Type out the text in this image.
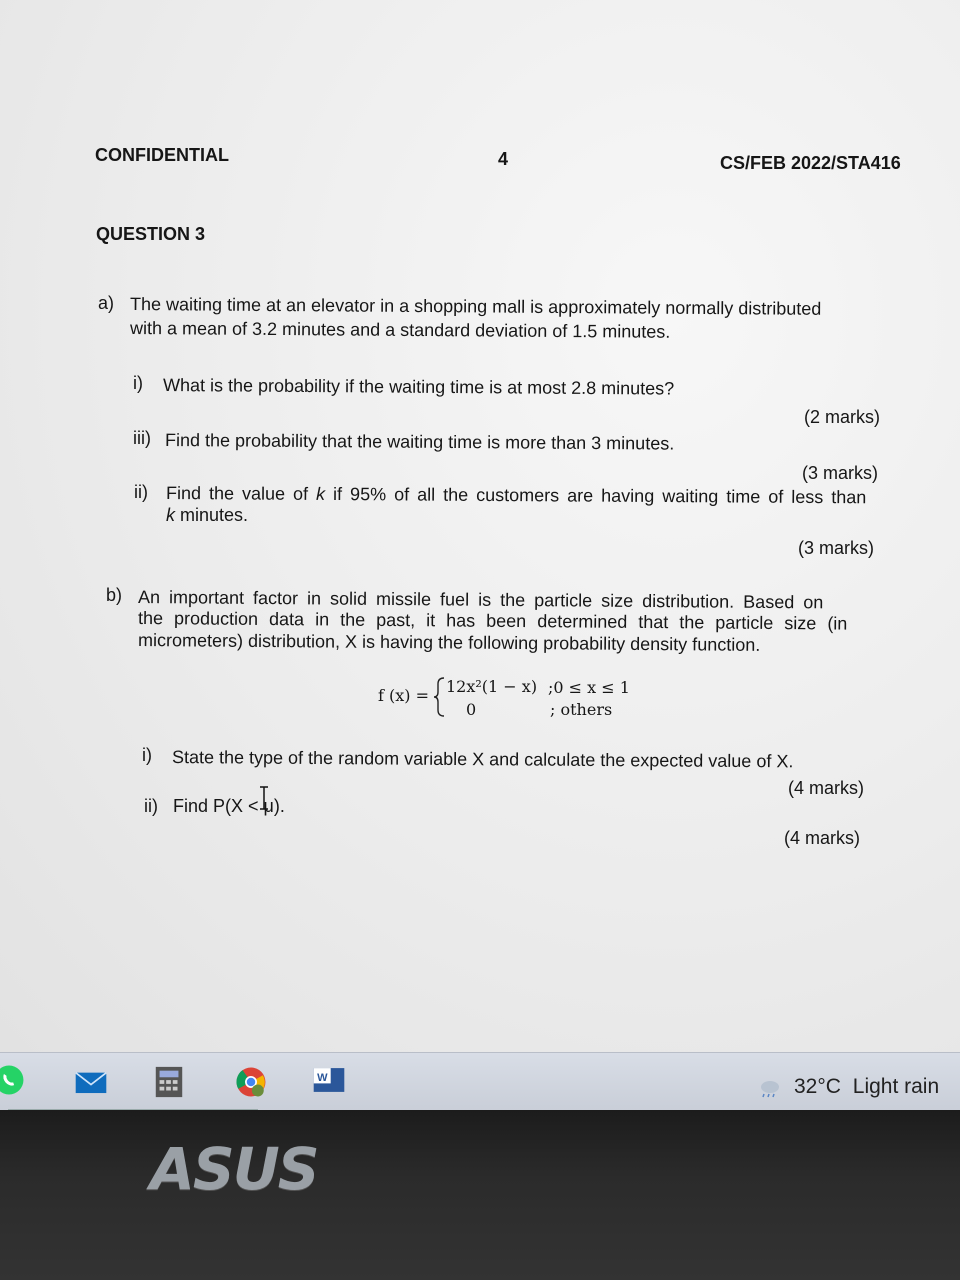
CONFIDENTIAL	4	CS/FEB 2022/STA416
QUESTION 3
a) The waiting time at an elevator in a shopping mall is approximately normally distributed
with a mean of 3.2 minutes and a standard deviation of 1.5 minutes.
i) What is the probability if the waiting time is at most 2.8 minutes?
(2 marks)
iii) Find the probability that the waiting time is more than 3 minutes.
(3 marks)
ii) Find the value of k if 95% of all the customers are having waiting time of less than
k minutes.
(3 marks)
b) An important factor in solid missile fuel is the particle size distribution. Based on
the production data in the past, it has been determined that the particle size (in
micrometers) distribution, X is having the following probability density function.
f (x) = 12x²(1 − x) ;0 ≤ x ≤ 1
0	; others
i) State the type of the random variable X and calculate the expected value of X.
(4 marks)
ii) Find P(X < μ).
(4 marks)
W	32°C Light rain
ASUS
